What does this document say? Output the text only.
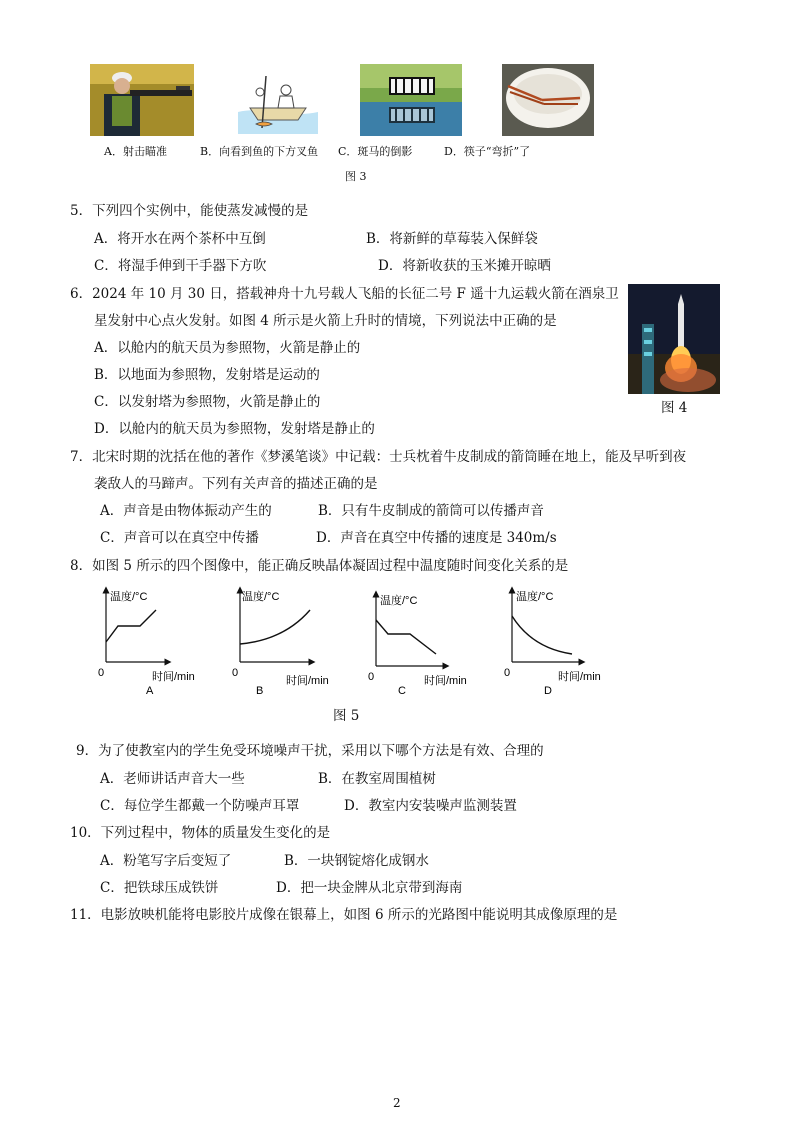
A．射击瞄准	B．向看到鱼的下方叉鱼 C．斑马的倒影	D．筷子“弯折”了
图 3
5．下列四个实例中，能使蒸发减慢的是
A．将开水在两个茶杯中互倒	B．将新鲜的草莓装入保鲜袋
C．将湿手伸到干手器下方吹	D．将新收获的玉米摊开晾晒
6．2024 年 10 月 30 日，搭载神舟十九号载人飞船的长征二号 F 遥十九运载火箭在酒泉卫
星发射中心点火发射。如图 4 所示是火箭上升时的情境，下列说法中正确的是
A．以舱内的航天员为参照物，火箭是静止的
B．以地面为参照物，发射塔是运动的
C．以发射塔为参照物，火箭是静止的
D．以舱内的航天员为参照物，发射塔是静止的
图 4
7．北宋时期的沈括在他的著作《梦溪笔谈》中记载：士兵枕着牛皮制成的箭筒睡在地上，能及早听到夜
袭敌人的马蹄声。下列有关声音的描述正确的是
A．声音是由物体振动产生的	B．只有牛皮制成的箭筒可以传播声音
C．声音可以在真空中传播	D．声音在真空中传播的速度是 340m/s
8．如图 5 所示的四个图像中，能正确反映晶体凝固过程中温度随时间变化关系的是
温度/°C
0	时间/min
A
温度/°C
0
时间/min
B
温度/°C
0	时间/min
C
温度/°C
0	时间/min
D
图 5
9．为了使教室内的学生免受环境噪声干扰，采用以下哪个方法是有效、合理的
A．老师讲话声音大一些	B．在教室周围植树
C．每位学生都戴一个防噪声耳罩	D．教室内安装噪声监测装置
10．下列过程中，物体的质量发生变化的是
A．粉笔写字后变短了	B．一块钢锭熔化成钢水
C．把铁球压成铁饼	D．把一块金牌从北京带到海南
11．电影放映机能将电影胶片成像在银幕上，如图 6 所示的光路图中能说明其成像原理的是
2
